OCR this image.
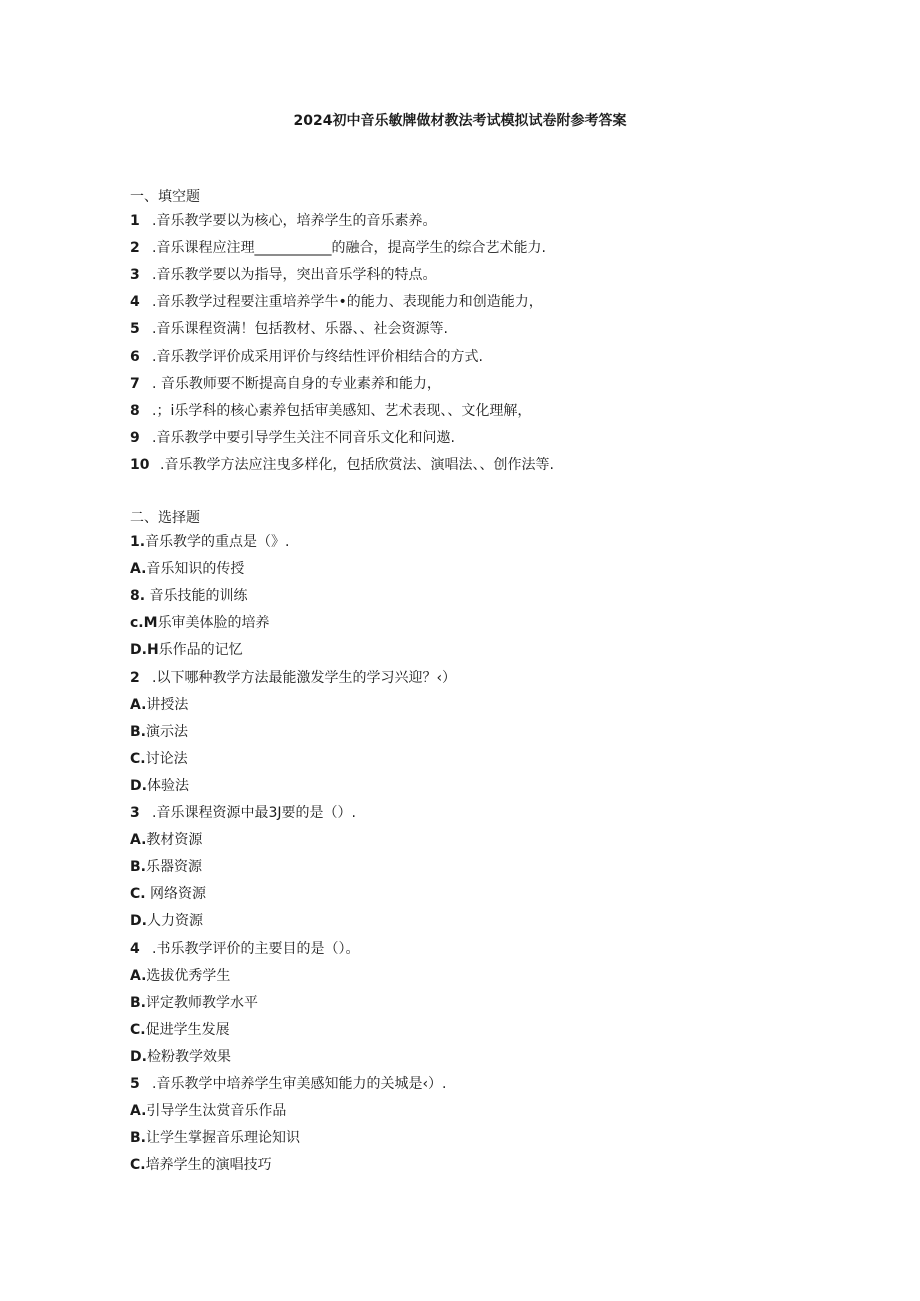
2024初中音乐敏牌做材教法考试模拟试卷附参考答案
一、填空题
1 .音乐教学要以为核心，培养学生的音乐素养。
2 .音乐课程应注理___________的融合，提高学生的综合艺术能力.
3 .音乐教学要以为指导，突出音乐学科的特点。
4 .音乐教学过程要注重培养学牛•的能力、表现能力和创造能力，
5 .音乐课程资满！包括教材、乐器、、社会资源等.
6 .音乐教学评价成采用评价与终结性评价相结合的方式.
7 . 音乐教师要不断提高自身的专业素养和能力，
8 .；i乐学科的核心素养包括审美感知、艺术表现、、文化理解，
9 .音乐教学中要引导学生关注不同音乐文化和问遨.
10 .音乐教学方法应注曳多样化，包括欣赏法、演唱法、、创作法等.
二、选择题
1.音乐教学的重点是（》.
A.音乐知识的传授
8. 音乐技能的训练
c.M乐审美体脸的培养
D.H乐作品的记忆
2 .以下哪种教学方法最能激发学生的学习兴迎？‹）
A.讲授法
B.演示法
C.讨论法
D.体验法
3 .音乐课程资源中最3J要的是（）.
A.教材资源
B.乐器资源
C. 网络资源
D.人力资源
4 .书乐教学评价的主要目的是（）。
A.选拔优秀学生
B.评定教师教学水平
C.促进学生发展
D.检粉教学效果
5 .音乐教学中培养学生审美感知能力的关城是‹）.
A.引导学生汰赏音乐作品
B.让学生掌握音乐理论知识
C.培养学生的演唱技巧
